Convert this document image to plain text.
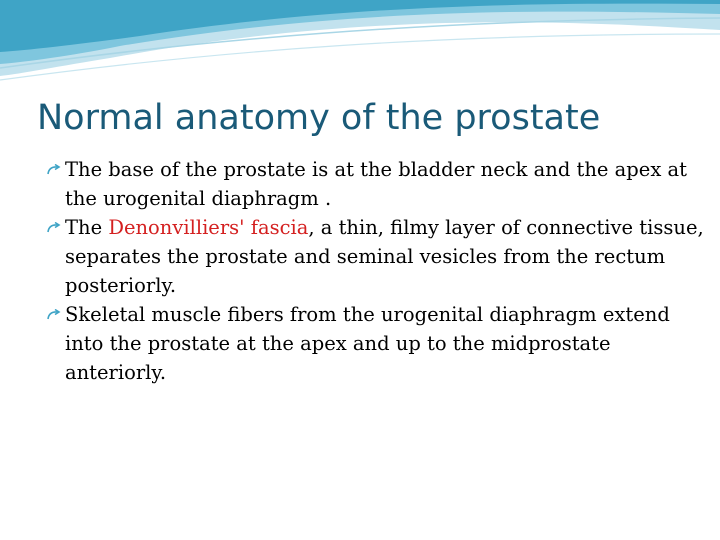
Normal anatomy of the prostate
The base of the prostate is at the bladder neck and the apex at the urogenital diaphragm .
The Denonvilliers' fascia, a thin, filmy layer of connective tissue, separates the prostate and seminal vesicles from the rectum posteriorly.
Skeletal muscle fibers from the urogenital diaphragm extend into the prostate at the apex and up to the midprostate anteriorly.
